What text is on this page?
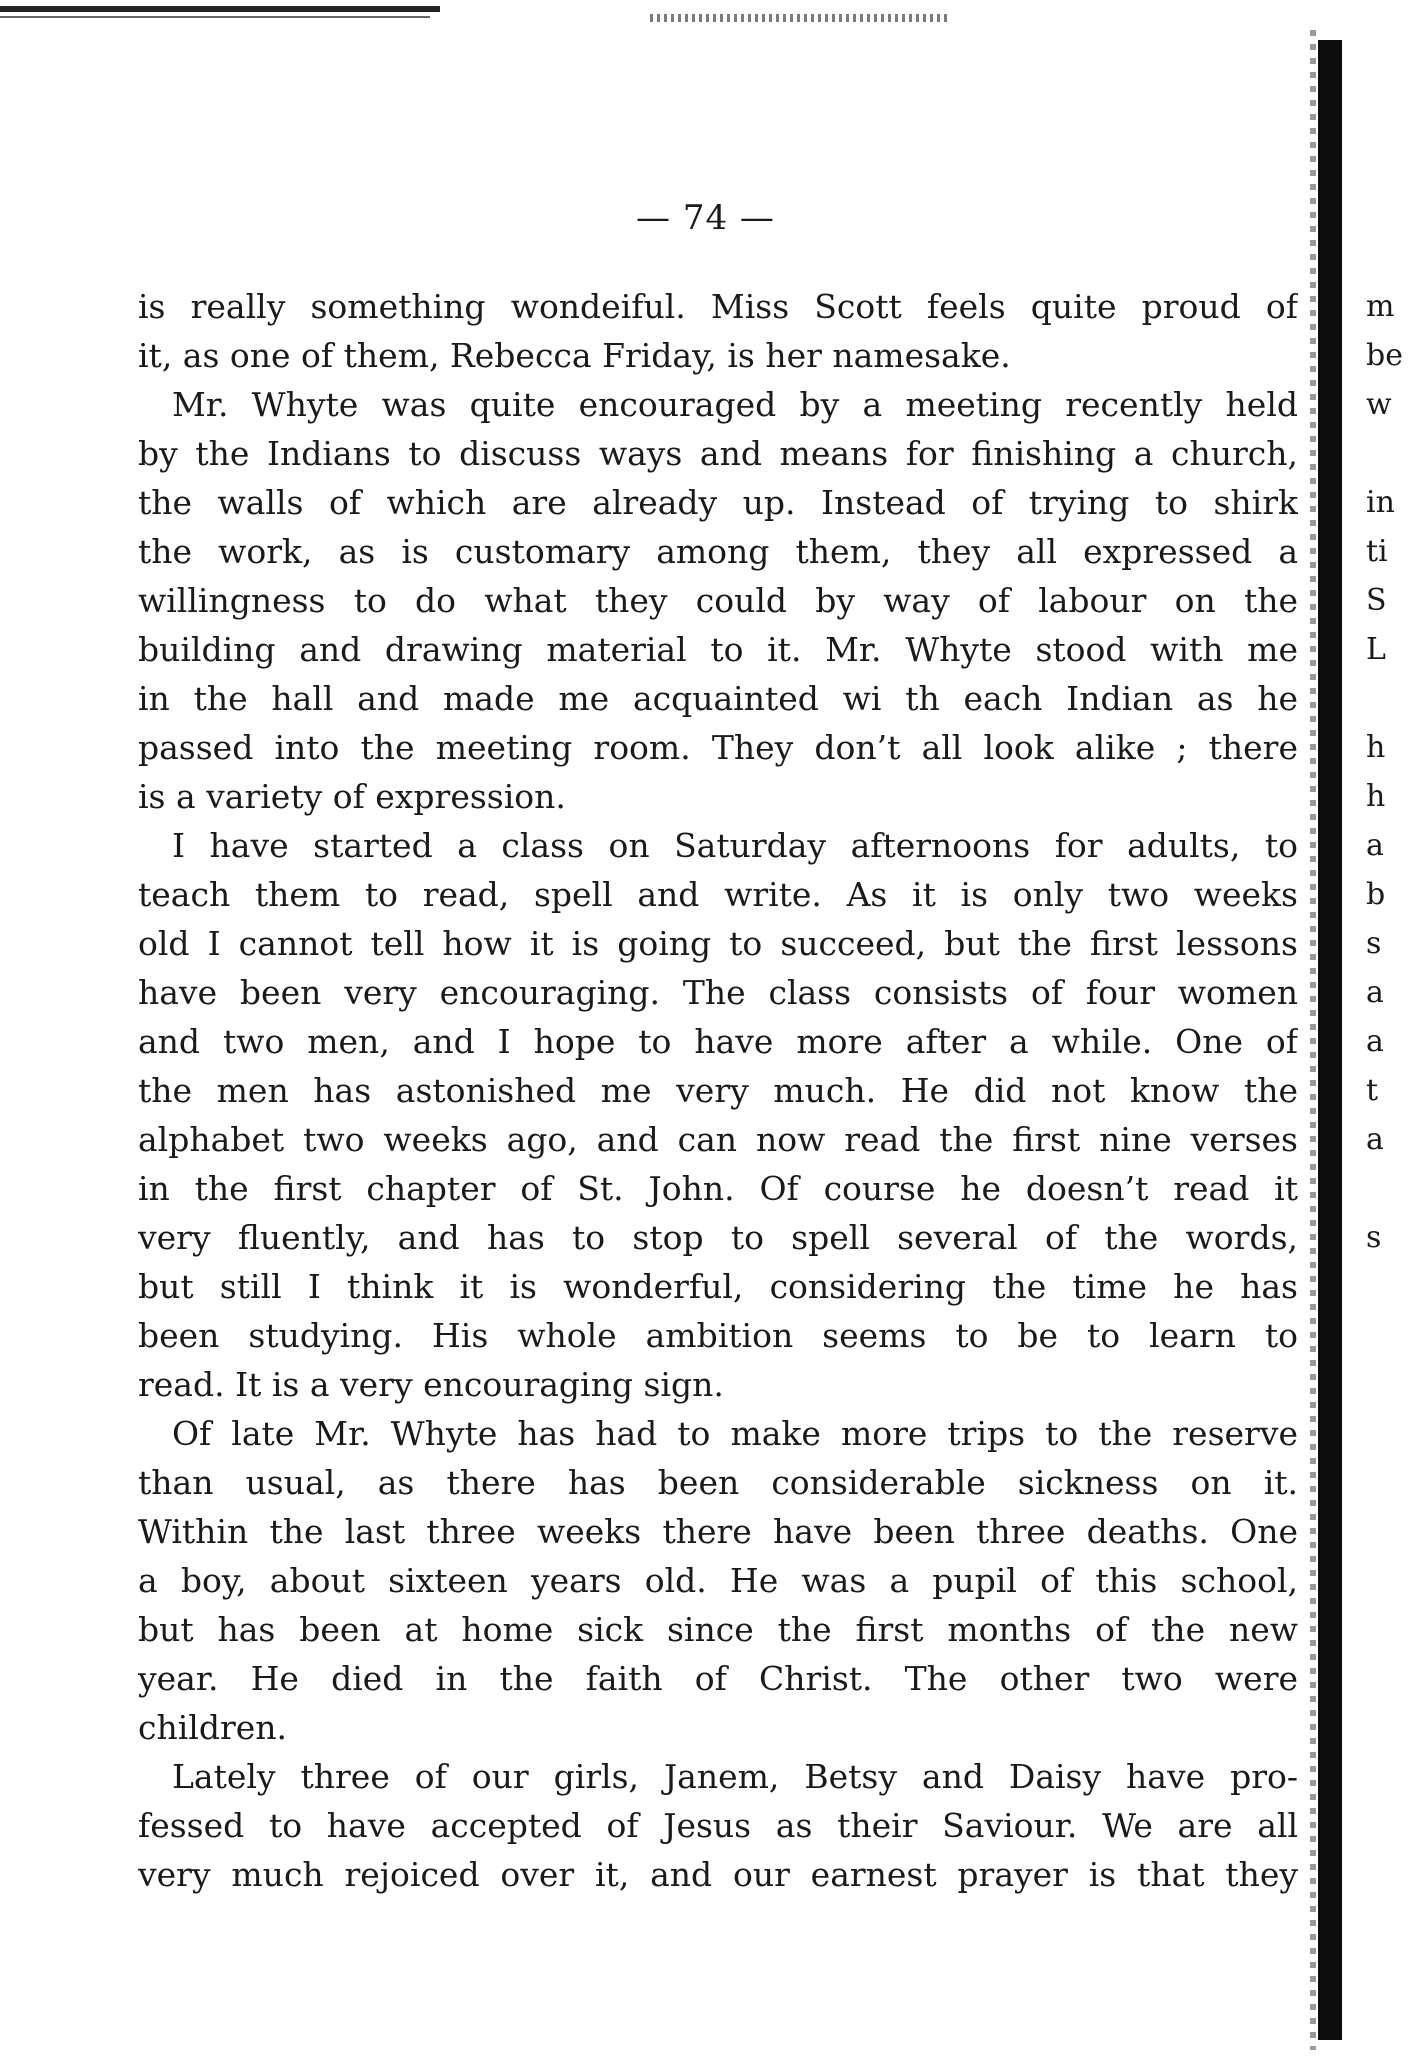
— 74 —
is really something wondeiful. Miss Scott feels quite proud of
it, as one of them, Rebecca Friday, is her namesake.
Mr. Whyte was quite encouraged by a meeting recently held
by the Indians to discuss ways and means for finishing a church,
the walls of which are already up. Instead of trying to shirk
the work, as is customary among them, they all expressed a
willingness to do what they could by way of labour on the
building and drawing material to it. Mr. Whyte stood with me
in the hall and made me acquainted wi th each Indian as he
passed into the meeting room. They don’t all look alike ; there
is a variety of expression.
I have started a class on Saturday afternoons for adults, to
teach them to read, spell and write. As it is only two weeks
old I cannot tell how it is going to succeed, but the first lessons
have been very encouraging. The class consists of four women
and two men, and I hope to have more after a while. One of
the men has astonished me very much. He did not know the
alphabet two weeks ago, and can now read the first nine verses
in the first chapter of St. John. Of course he doesn’t read it
very fluently, and has to stop to spell several of the words,
but still I think it is wonderful, considering the time he has
been studying. His whole ambition seems to be to learn to
read. It is a very encouraging sign.
Of late Mr. Whyte has had to make more trips to the reserve
than usual, as there has been considerable sickness on it.
Within the last three weeks there have been three deaths. One
a boy, about sixteen years old. He was a pupil of this school,
but has been at home sick since the first months of the new
year. He died in the faith of Christ. The other two were
children.
Lately three of our girls, Janem, Betsy and Daisy have pro-
fessed to have accepted of Jesus as their Saviour. We are all
very much rejoiced over it, and our earnest prayer is that they
m
be
w
in
ti
S
L
h
h
a
b
s
a
a
t
a
s
